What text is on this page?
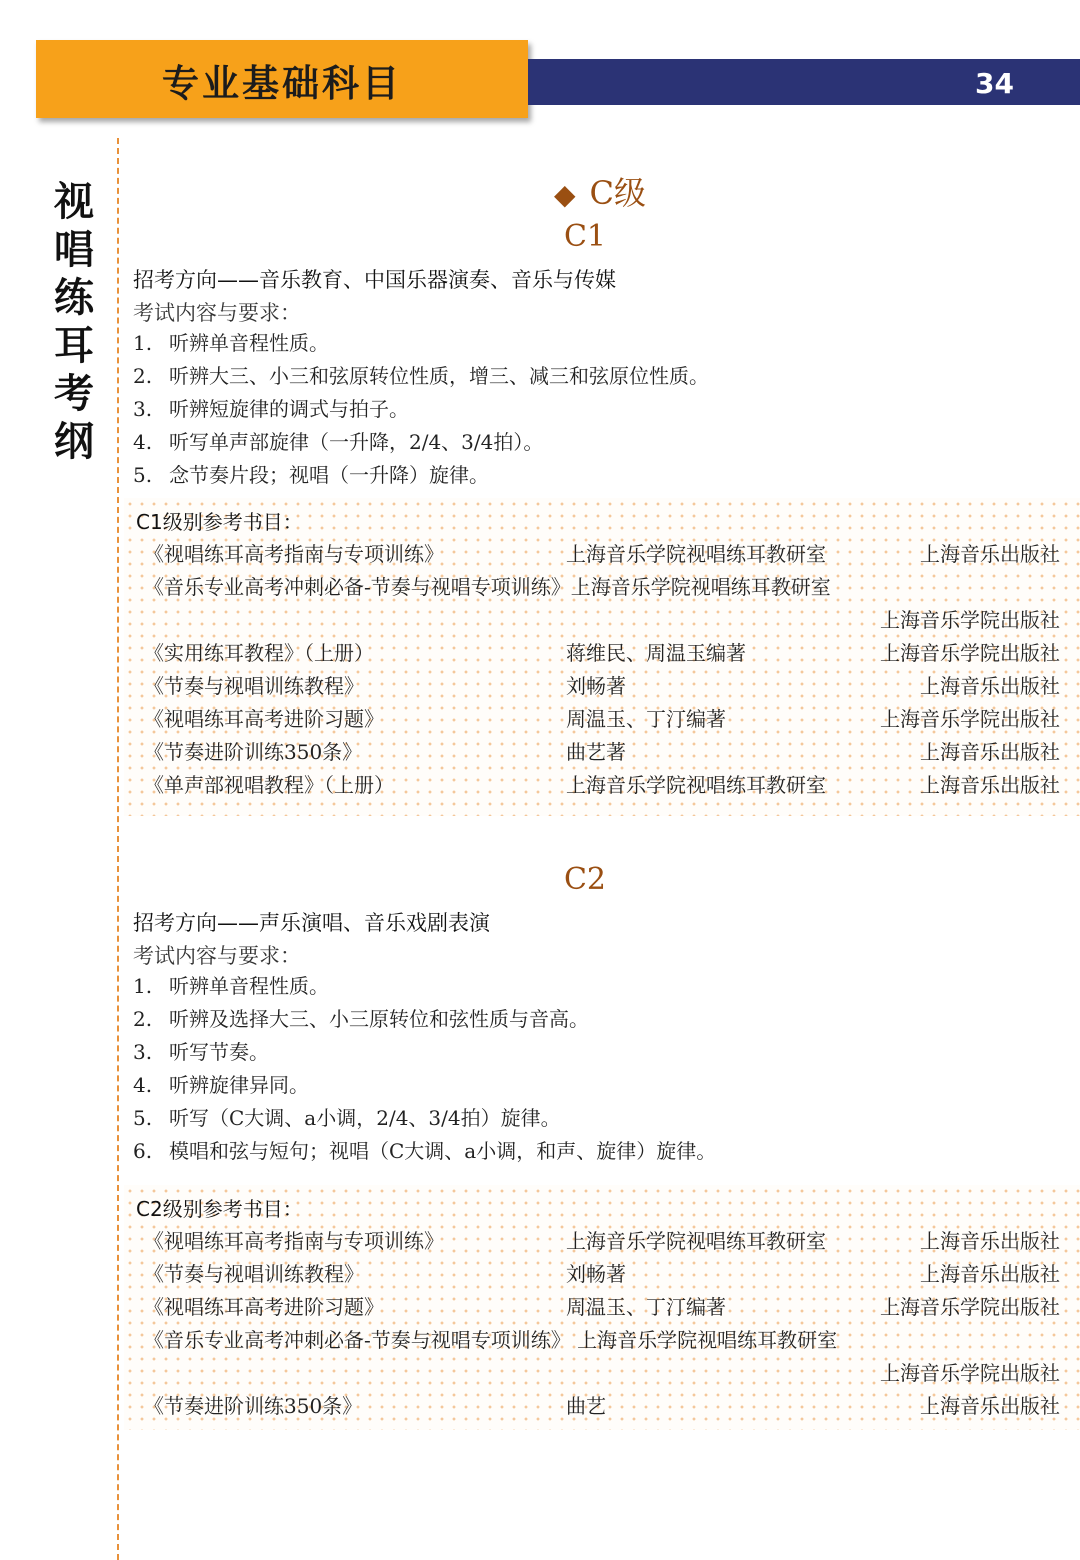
专业基础科目	34
视唱练耳考纲
◆ C级
C1
招考方向——音乐教育、中国乐器演奏、音乐与传媒
考试内容与要求：
1. 听辨单音程性质。
2. 听辨大三、小三和弦原转位性质，增三、减三和弦原位性质。
3. 听辨短旋律的调式与拍子。
4. 听写单声部旋律（一升降，2/4、3/4拍）。
5. 念节奏片段；视唱（一升降）旋律。
C1级别参考书目：
《视唱练耳高考指南与专项训练》	上海音乐学院视唱练耳教研室	上海音乐出版社
《音乐专业高考冲刺必备-节奏与视唱专项训练》上海音乐学院视唱练耳教研室
上海音乐学院出版社
《实用练耳教程》（上册）	蒋维民、周温玉编著	上海音乐学院出版社
《节奏与视唱训练教程》	刘畅著	上海音乐出版社
《视唱练耳高考进阶习题》	周温玉、丁汀编著	上海音乐学院出版社
《节奏进阶训练350条》	曲艺著	上海音乐出版社
《单声部视唱教程》（上册）	上海音乐学院视唱练耳教研室	上海音乐出版社
C2
招考方向——声乐演唱、音乐戏剧表演
考试内容与要求：
1. 听辨单音程性质。
2. 听辨及选择大三、小三原转位和弦性质与音高。
3. 听写节奏。
4. 听辨旋律异同。
5. 听写（C大调、a小调，2/4、3/4拍）旋律。
6. 模唱和弦与短句；视唱（C大调、a小调，和声、旋律）旋律。
C2级别参考书目：
《视唱练耳高考指南与专项训练》	上海音乐学院视唱练耳教研室	上海音乐出版社
《节奏与视唱训练教程》	刘畅著	上海音乐出版社
《视唱练耳高考进阶习题》	周温玉、丁汀编著	上海音乐学院出版社
《音乐专业高考冲刺必备-节奏与视唱专项训练》 上海音乐学院视唱练耳教研室
上海音乐学院出版社
《节奏进阶训练350条》	曲艺	上海音乐出版社
